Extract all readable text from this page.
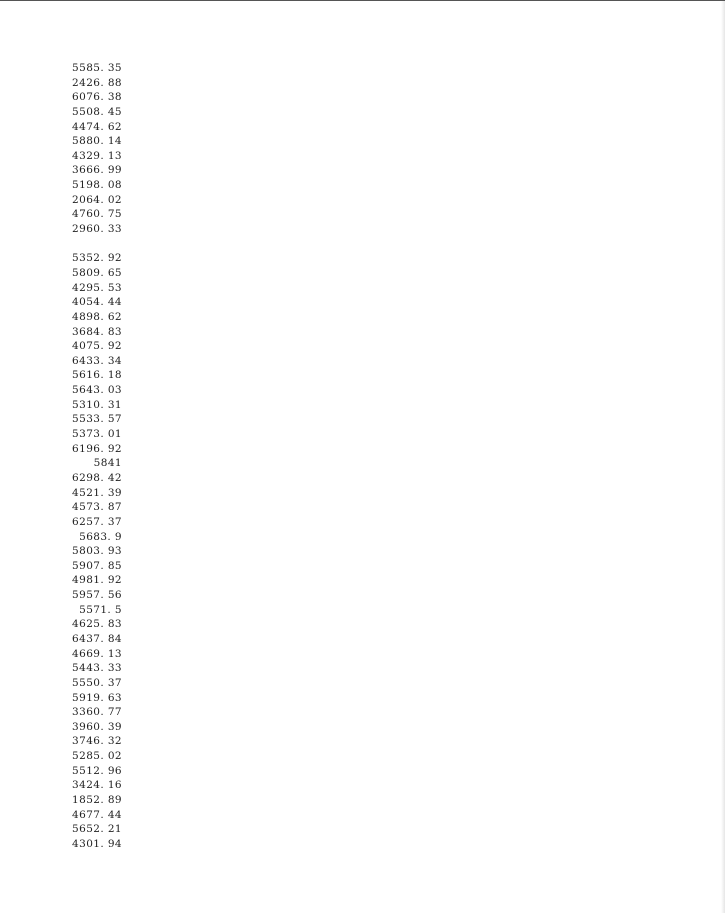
5585. 35
2426. 88
6076. 38
5508. 45
4474. 62
5880. 14
4329. 13
3666. 99
5198. 08
2064. 02
4760. 75
2960. 33
5352. 92
5809. 65
4295. 53
4054. 44
4898. 62
3684. 83
4075. 92
6433. 34
5616. 18
5643. 03
5310. 31
5533. 57
5373. 01
6196. 92
5841
6298. 42
4521. 39
4573. 87
6257. 37
5683. 9
5803. 93
5907. 85
4981. 92
5957. 56
5571. 5
4625. 83
6437. 84
4669. 13
5443. 33
5550. 37
5919. 63
3360. 77
3960. 39
3746. 32
5285. 02
5512. 96
3424. 16
1852. 89
4677. 44
5652. 21
4301. 94
